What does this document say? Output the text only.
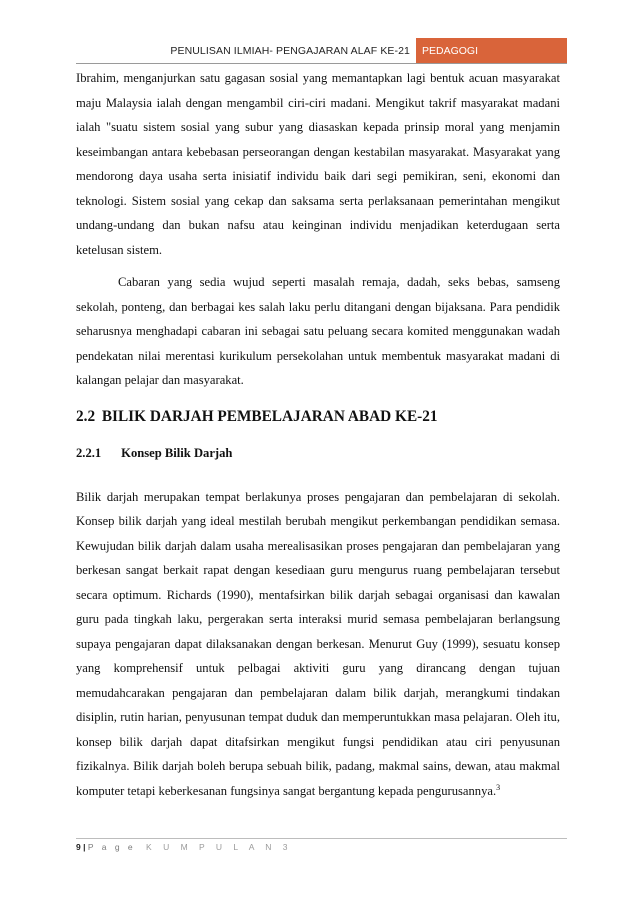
PENULISAN ILMIAH- PENGAJARAN ALAF KE-21	PEDAGOGI

Ibrahim, menganjurkan satu gagasan sosial yang memantapkan lagi bentuk acuan masyarakat maju Malaysia ialah dengan mengambil ciri-ciri madani. Mengikut takrif masyarakat madani ialah "suatu sistem sosial yang subur yang diasaskan kepada prinsip moral yang menjamin keseimbangan antara kebebasan perseorangan dengan kestabilan masyarakat. Masyarakat yang mendorong daya usaha serta inisiatif individu baik dari segi pemikiran, seni, ekonomi dan teknologi. Sistem sosial yang cekap dan saksama serta perlaksanaan pemerintahan mengikut undang-undang dan bukan nafsu atau keinginan individu menjadikan keterdugaan serta ketelusan sistem.

Cabaran yang sedia wujud seperti masalah remaja, dadah, seks bebas, samseng sekolah, ponteng, dan berbagai kes salah laku perlu ditangani dengan bijaksana. Para pendidik seharusnya menghadapi cabaran ini sebagai satu peluang secara komited menggunakan wadah pendekatan nilai merentasi kurikulum persekolahan untuk membentuk masyarakat madani di kalangan pelajar dan masyarakat.

2.2 BILIK DARJAH PEMBELAJARAN ABAD KE-21
2.2.1 Konsep Bilik Darjah

Bilik darjah merupakan tempat berlakunya proses pengajaran dan pembelajaran di sekolah. Konsep bilik darjah yang ideal mestilah berubah mengikut perkembangan pendidikan semasa. Kewujudan bilik darjah dalam usaha merealisasikan proses pengajaran dan pembelajaran yang berkesan sangat berkait rapat dengan kesediaan guru mengurus ruang pembelajaran tersebut secara optimum. Richards (1990), mentafsirkan bilik darjah sebagai organisasi dan kawalan guru pada tingkah laku, pergerakan serta interaksi murid semasa pembelajaran berlangsung supaya pengajaran dapat dilaksanakan dengan berkesan. Menurut Guy (1999), sesuatu konsep yang komprehensif untuk pelbagai aktiviti guru yang dirancang dengan tujuan memudahcarakan pengajaran dan pembelajaran dalam bilik darjah, merangkumi tindakan disiplin, rutin harian, penyusunan tempat duduk dan memperuntukkan masa pelajaran. Oleh itu, konsep bilik darjah dapat ditafsirkan mengikut fungsi pendidikan atau ciri penyusunan fizikalnya. Bilik darjah boleh berupa sebuah bilik, padang, makmal sains, dewan, atau makmal komputer tetapi keberkesanan fungsinya sangat bergantung kepada pengurusannya.$^3$

9 | P a g e K U M P U L A N 3
